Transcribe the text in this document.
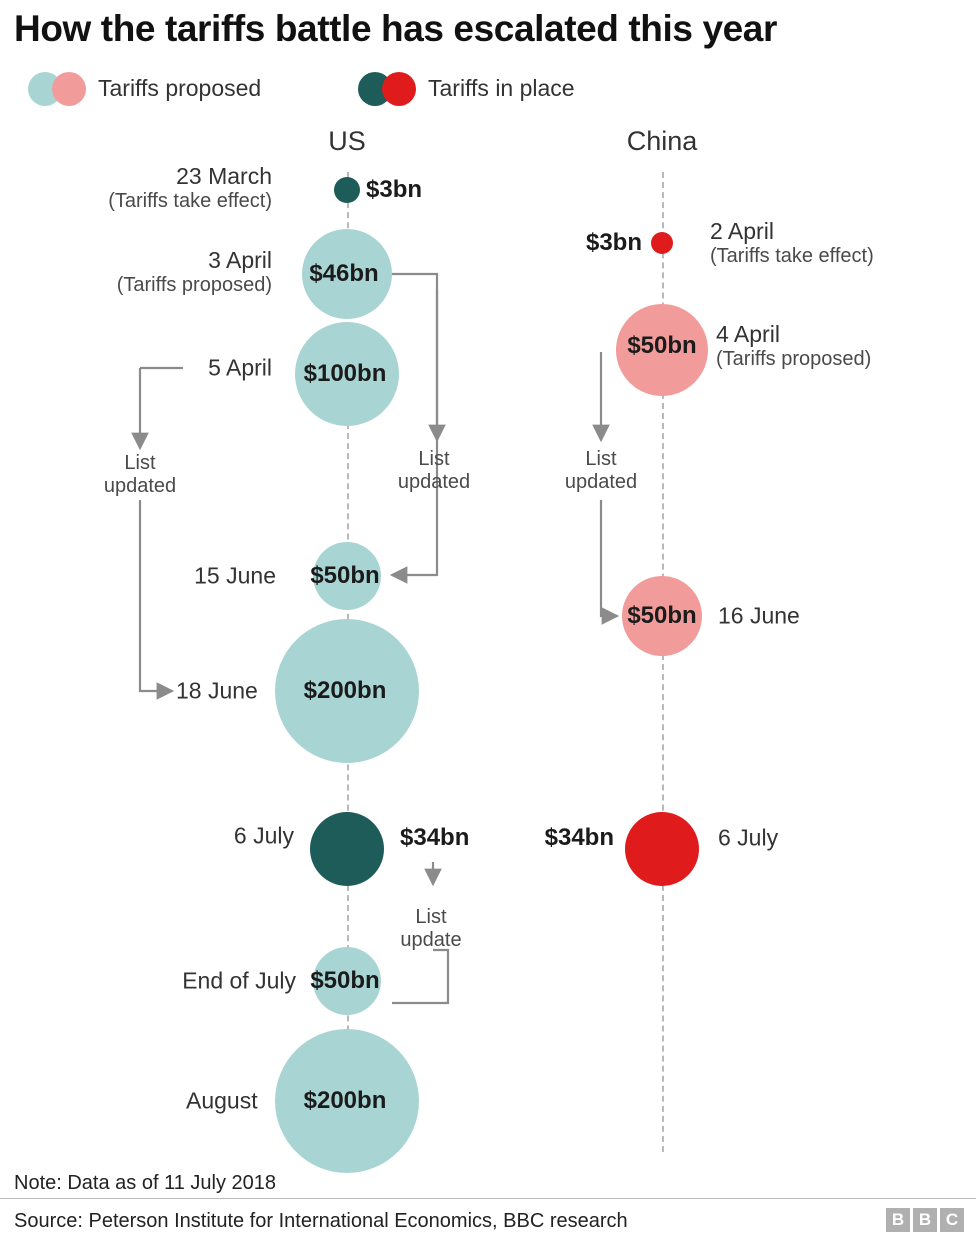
How the tariffs battle has escalated this year
Tariffs proposed	Tariffs in place
US	China
$3bn
23 March
(Tariffs take effect)
$46bn
3 April
(Tariffs proposed)
$100bn
5 April
List
updated
List
updated
$50bn
15 June
$200bn
18 June
$34bn
6 July
List
update
$50bn
End of July
$200bn
August
$3bn	2 April
(Tariffs take effect)
$50bn 4 April
(Tariffs proposed)
List
updated
$50bn 16 June
$34bn	6 July
Note: Data as of 11 July 2018
Source: Peterson Institute for International Economics, BBC research	B B C
